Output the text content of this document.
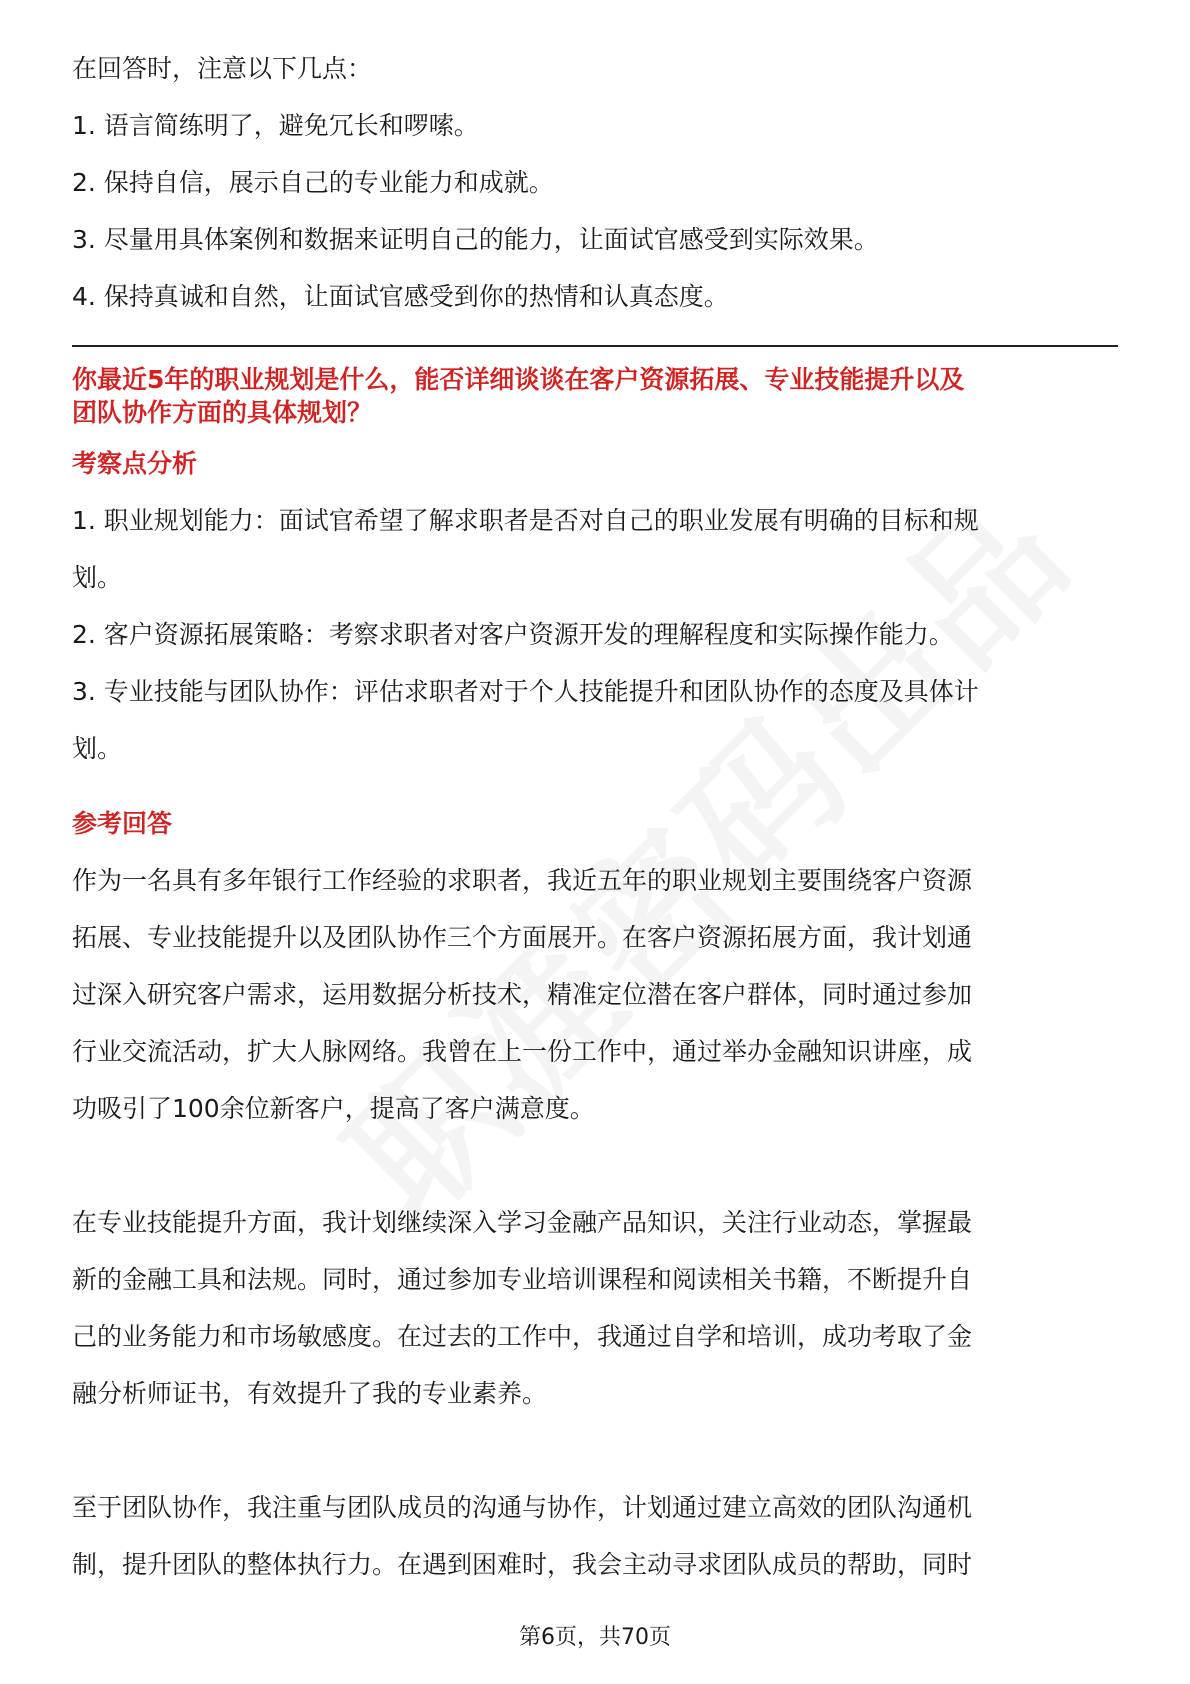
在回答时，注意以下几点：

1. 语言简练明了，避免冗长和啰嗦。

2. 保持自信，展示自己的专业能力和成就。

3. 尽量用具体案例和数据来证明自己的能力，让面试官感受到实际效果。

4. 保持真诚和自然，让面试官感受到你的热情和认真态度。

你最近5年的职业规划是什么，能否详细谈谈在客户资源拓展、专业技能提升以及
团队协作方面的具体规划？
考察点分析

1. 职业规划能力：面试官希望了解求职者是否对自己的职业发展有明确的目标和规

划。

2. 客户资源拓展策略：考察求职者对客户资源开发的理解程度和实际操作能力。

3. 专业技能与团队协作：评估求职者对于个人技能提升和团队协作的态度及具体计

划。

参考回答

作为一名具有多年银行工作经验的求职者，我近五年的职业规划主要围绕客户资源

拓展、专业技能提升以及团队协作三个方面展开。在客户资源拓展方面，我计划通

过深入研究客户需求，运用数据分析技术，精准定位潜在客户群体，同时通过参加

行业交流活动，扩大人脉网络。我曾在上一份工作中，通过举办金融知识讲座，成

功吸引了100余位新客户，提高了客户满意度。

在专业技能提升方面，我计划继续深入学习金融产品知识，关注行业动态，掌握最

新的金融工具和法规。同时，通过参加专业培训课程和阅读相关书籍，不断提升自

己的业务能力和市场敏感度。在过去的工作中，我通过自学和培训，成功考取了金

融分析师证书，有效提升了我的专业素养。

至于团队协作，我注重与团队成员的沟通与协作，计划通过建立高效的团队沟通机

制，提升团队的整体执行力。在遇到困难时，我会主动寻求团队成员的帮助，同时

第6页，共70页
